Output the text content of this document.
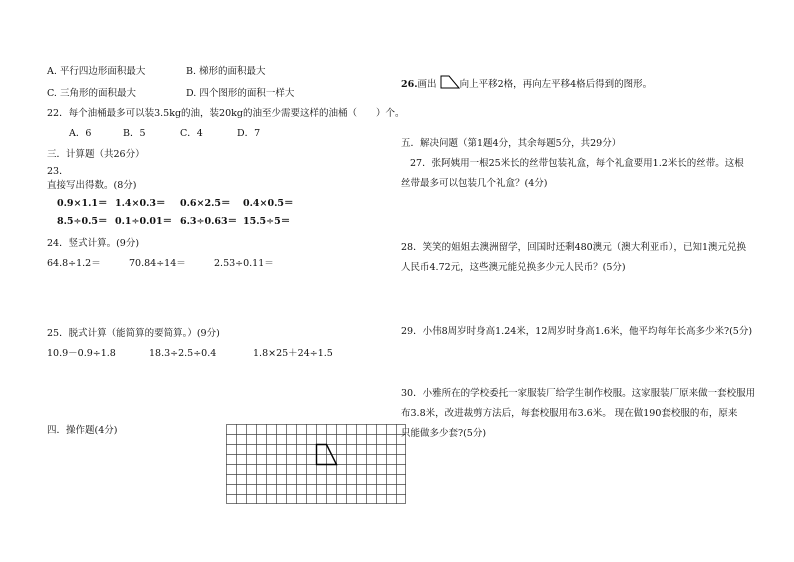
A. 平行四边形面积最大	B. 梯形的面积最大
C. 三角形的面积最大	D. 四个图形的面积一样大
22．每个油桶最多可以装3.5kg的油，装20kg的油至少需要这样的油桶（　　）个。
A．6	B．5	C．4	D．7
三．计算题（共26分）
23．
直接写出得数。(8分)
0.9×1.1＝ 1.4×0.3＝ 0.6×2.5＝ 0.4×0.5＝
8.5÷0.5＝ 0.1÷0.01＝ 6.3÷0.63＝ 15.5÷5＝
24．竖式计算。(9分)
64.8÷1.2＝	70.84÷14＝	2.53÷0.11＝
25．脱式计算（能简算的要简算。）(9分)
10.9－0.9÷1.8	18.3÷2.5÷0.4	1.8×25＋24÷1.5
四．操作题(4分)
26.画出 向上平移2格，再向左平移4格后得到的图形。
五．解决问题（第1题4分，其余每题5分，共29分）
27．张阿姨用一根25米长的丝带包装礼盒，每个礼盒要用1.2米长的丝带。这根
丝带最多可以包装几个礼盒？(4分)
28．笑笑的姐姐去澳洲留学，回国时还剩480澳元（澳大利亚币），已知1澳元兑换
人民币4.72元，这些澳元能兑换多少元人民币？(5分)
29．小伟8周岁时身高1.24米，12周岁时身高1.6米，他平均每年长高多少米?(5分)
30．小雅所在的学校委托一家服装厂给学生制作校服。这家服装厂原来做一套校服用
布3.8米，改进裁剪方法后，每套校服用布3.6米。 现在做190套校服的布，原来
只能做多少套?(5分)
